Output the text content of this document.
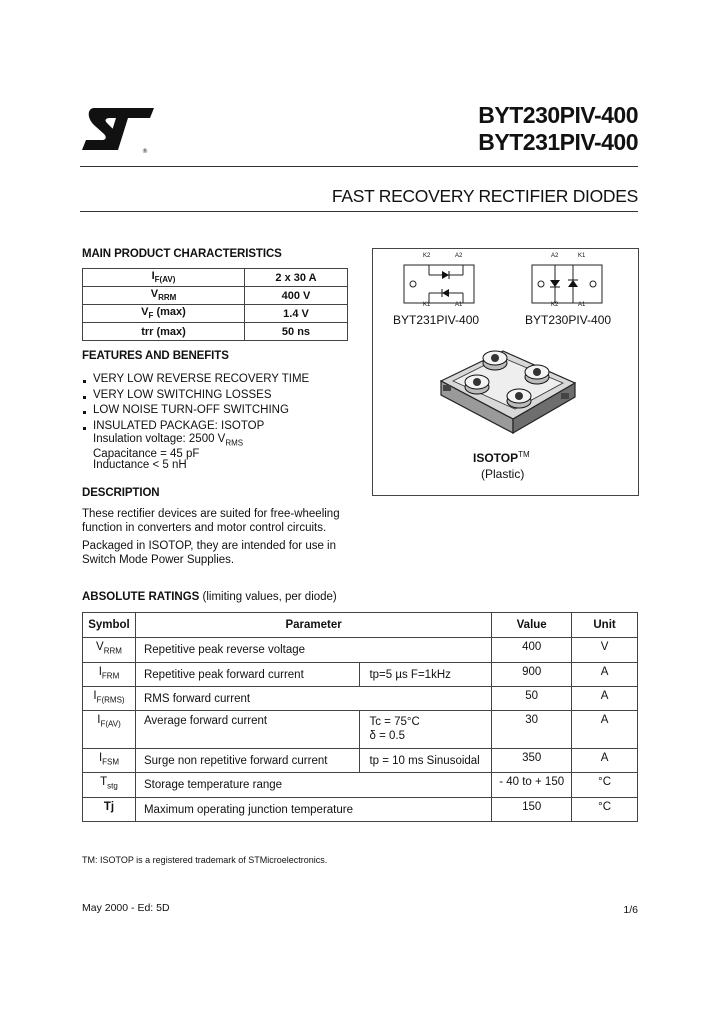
®
BYT230PIV-400
BYT231PIV-400
FAST RECOVERY RECTIFIER DIODES
MAIN PRODUCT CHARACTERISTICS
$I_{F(AV)}$	2 x 30 A
$V_{RRM}$	400 V
$V_F$ (max)	1.4 V
trr (max)	50 ns
FEATURES AND BENEFITS
VERY LOW REVERSE RECOVERY TIME
VERY LOW SWITCHING LOSSES
LOW NOISE TURN-OFF SWITCHING
INSULATED PACKAGE: ISOTOP
Insulation voltage: 2500 $V_{RMS}$
Capacitance = 45 pF
Inductance < 5 nH
K2	A2
K1	A1
A2	K1
K2	A1
BYT231PIV-400	BYT230PIV-400
ISOTOP™
(Plastic)
DESCRIPTION

These rectifier devices are suited for free-wheeling function in converters and motor control circuits.

Packaged in ISOTOP, they are intended for use in Switch Mode Power Supplies.

ABSOLUTE RATINGS (limiting values, per diode)
Symbol	Parameter		Value	Unit
$V_{RRM}$	Repetitive peak reverse voltage		400	V
$I_{FRM}$	Repetitive peak forward current	tp=5 µs F=1kHz	900	A
$I_{F(RMS)}$	RMS forward current		50	A
$I_{F(AV)}$	Average forward current	Tc = 75°C
δ = 0.5	30	A
$I_{FSM}$	Surge non repetitive forward current	tp = 10 ms Sinusoidal	350	A
$T_{stg}$	Storage temperature range		- 40 to + 150	°C
Tj	Maximum operating junction temperature		150	°C
TM: ISOTOP is a registered trademark of STMicroelectronics.
May 2000 - Ed: 5D	1/6
